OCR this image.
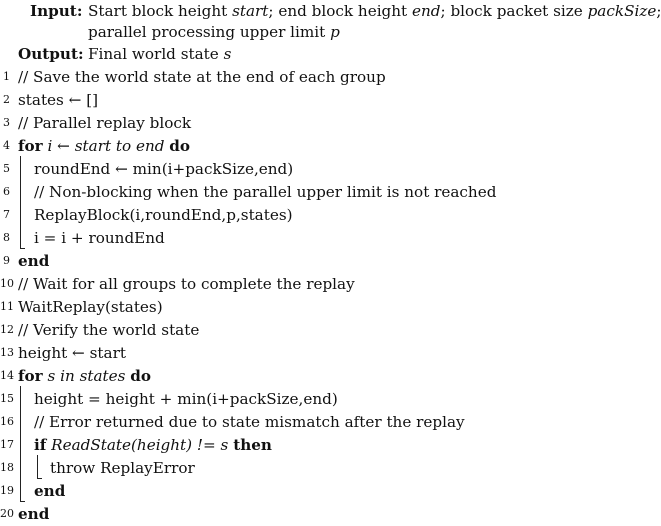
Input: Start block height start; end block height end; block packet size packSize;
parallel processing upper limit p
Output: Final world state s
1 // Save the world state at the end of each group
2 states ← []
3 // Parallel replay block
4 for i ← start to end do
5 roundEnd ← min(i+packSize,end)
6 // Non-blocking when the parallel upper limit is not reached
7 ReplayBlock(i,roundEnd,p,states)
8 i = i + roundEnd
9 end
10 // Wait for all groups to complete the replay
11 WaitReplay(states)
12 // Verify the world state
13 height ← start
14 for s in states do
15 height = height + min(i+packSize,end)
16 // Error returned due to state mismatch after the replay
17 if ReadState(height) != s then
18 throw ReplayError
19 end
20 end
